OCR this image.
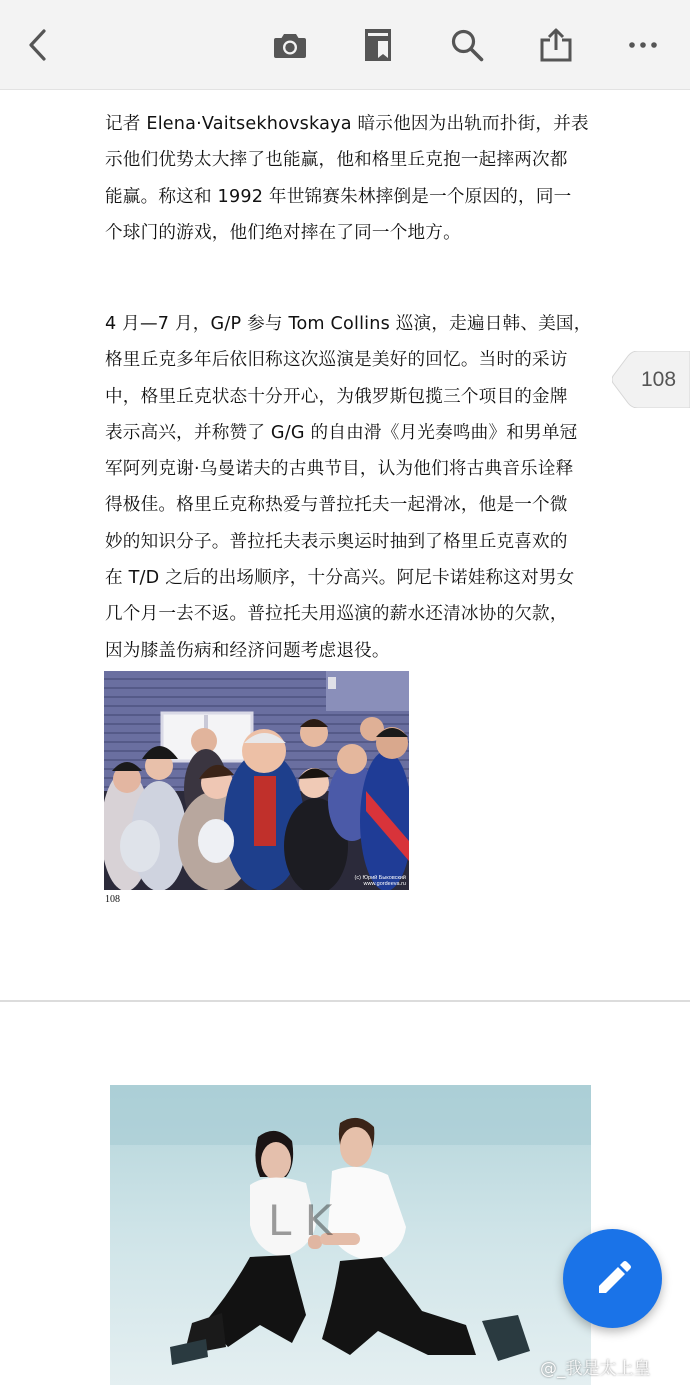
记者 Elena·Vaitsekhovskaya 暗示他因为出轨而扑街，并表
示他们优势太大摔了也能赢，他和格里丘克抱一起摔两次都
能赢。称这和 1992 年世锦赛朱林摔倒是一个原因的，同一
个球门的游戏，他们绝对摔在了同一个地方。
4 月—7 月，G/P 参与 Tom Collins 巡演，走遍日韩、美国，
格里丘克多年后依旧称这次巡演是美好的回忆。当时的采访
中，格里丘克状态十分开心，为俄罗斯包揽三个项目的金牌
表示高兴，并称赞了 G/G 的自由滑《月光奏鸣曲》和男单冠
军阿列克谢·乌曼诺夫的古典节目，认为他们将古典音乐诠释
得极佳。格里丘克称热爱与普拉托夫一起滑冰，他是一个微
妙的知识分子。普拉托夫表示奥运时抽到了格里丘克喜欢的
在 T/D 之后的出场顺序，十分高兴。阿尼卡诺娃称这对男女
几个月一去不返。普拉托夫用巡演的薪水还清冰协的欠款，
因为膝盖伤病和经济问题考虑退役。
(c) Юрий Быковский
www.gordeeva.ru
108
L K
108
@_我是太上皇
